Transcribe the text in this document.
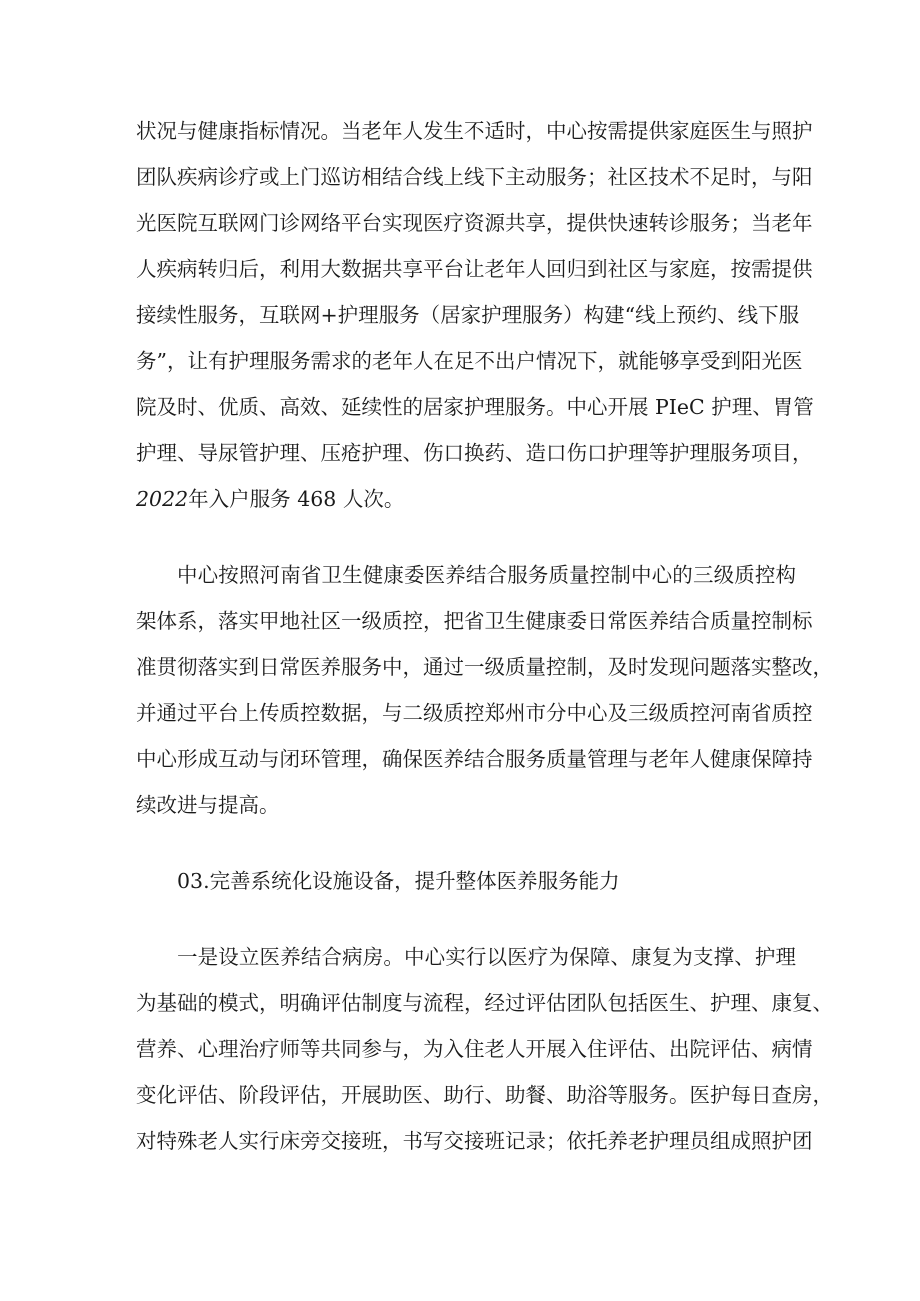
状况与健康指标情况。当老年人发生不适时，中心按需提供家庭医生与照护
团队疾病诊疗或上门巡访相结合线上线下主动服务；社区技术不足时，与阳
光医院互联网门诊网络平台实现医疗资源共享，提供快速转诊服务；当老年
人疾病转归后，利用大数据共享平台让老年人回归到社区与家庭，按需提供
接续性服务，互联网+护理服务（居家护理服务）构建“线上预约、线下服
务”，让有护理服务需求的老年人在足不出户情况下，就能够享受到阳光医
院及时、优质、高效、延续性的居家护理服务。中心开展 PIeC 护理、胃管
护理、导尿管护理、压疮护理、伤口换药、造口伤口护理等护理服务项目，
2022年入户服务 468 人次。
中心按照河南省卫生健康委医养结合服务质量控制中心的三级质控构
架体系，落实甲地社区一级质控，把省卫生健康委日常医养结合质量控制标
准贯彻落实到日常医养服务中，通过一级质量控制，及时发现问题落实整改，
并通过平台上传质控数据，与二级质控郑州市分中心及三级质控河南省质控
中心形成互动与闭环管理，确保医养结合服务质量管理与老年人健康保障持
续改进与提高。
03.完善系统化设施设备，提升整体医养服务能力
一是设立医养结合病房。中心实行以医疗为保障、康复为支撑、护理
为基础的模式，明确评估制度与流程，经过评估团队包括医生、护理、康复、
营养、心理治疗师等共同参与，为入住老人开展入住评估、出院评估、病情
变化评估、阶段评估，开展助医、助行、助餐、助浴等服务。医护每日查房，
对特殊老人实行床旁交接班，书写交接班记录；依托养老护理员组成照护团
